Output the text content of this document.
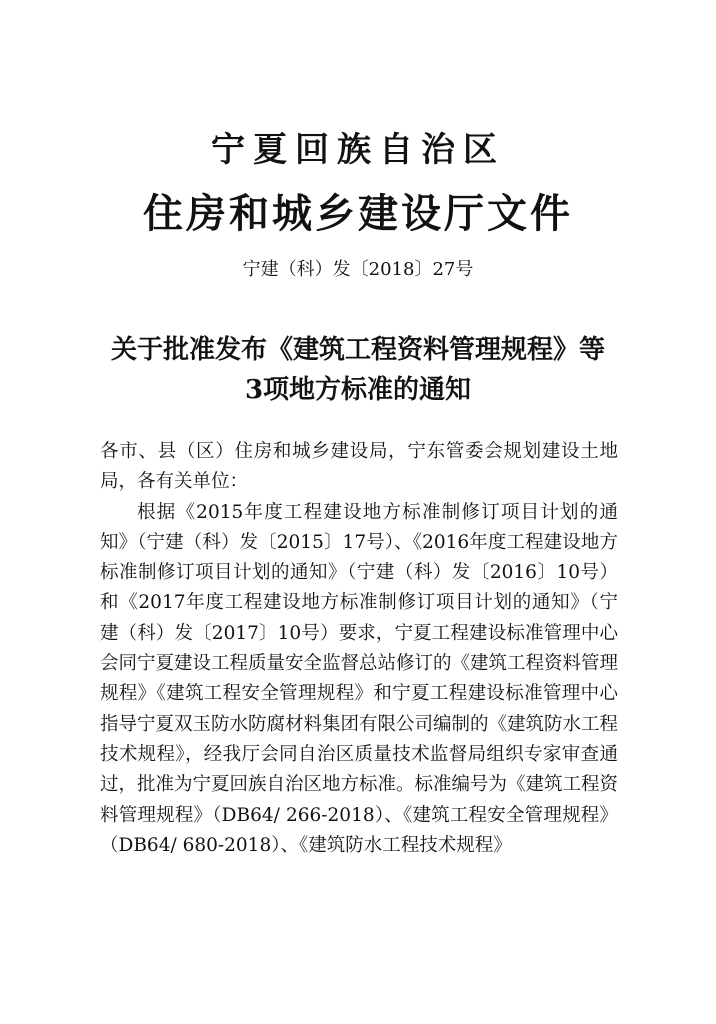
宁夏回族自治区
住房和城乡建设厅文件
宁建（科）发〔2018〕27号
关于批准发布《建筑工程资料管理规程》等
3项地方标准的通知

各市、县（区）住房和城乡建设局，宁东管委会规划建设土地局，各有关单位：

根据《2015年度工程建设地方标准制修订项目计划的通知》（宁建（科）发〔2015〕17号）、《2016年度工程建设地方标准制修订项目计划的通知》（宁建（科）发〔2016〕10号）和《2017年度工程建设地方标准制修订项目计划的通知》（宁建（科）发〔2017〕10号）要求，宁夏工程建设标准管理中心会同宁夏建设工程质量安全监督总站修订的《建筑工程资料管理规程》《建筑工程安全管理规程》和宁夏工程建设标准管理中心指导宁夏双玉防水防腐材料集团有限公司编制的《建筑防水工程技术规程》，经我厅会同自治区质量技术监督局组织专家审查通过，批准为宁夏回族自治区地方标准。标准编号为《建筑工程资料管理规程》（DB64/ 266-2018）、《建筑工程安全管理规程》（DB64/ 680-2018）、《建筑防水工程技术规程》
